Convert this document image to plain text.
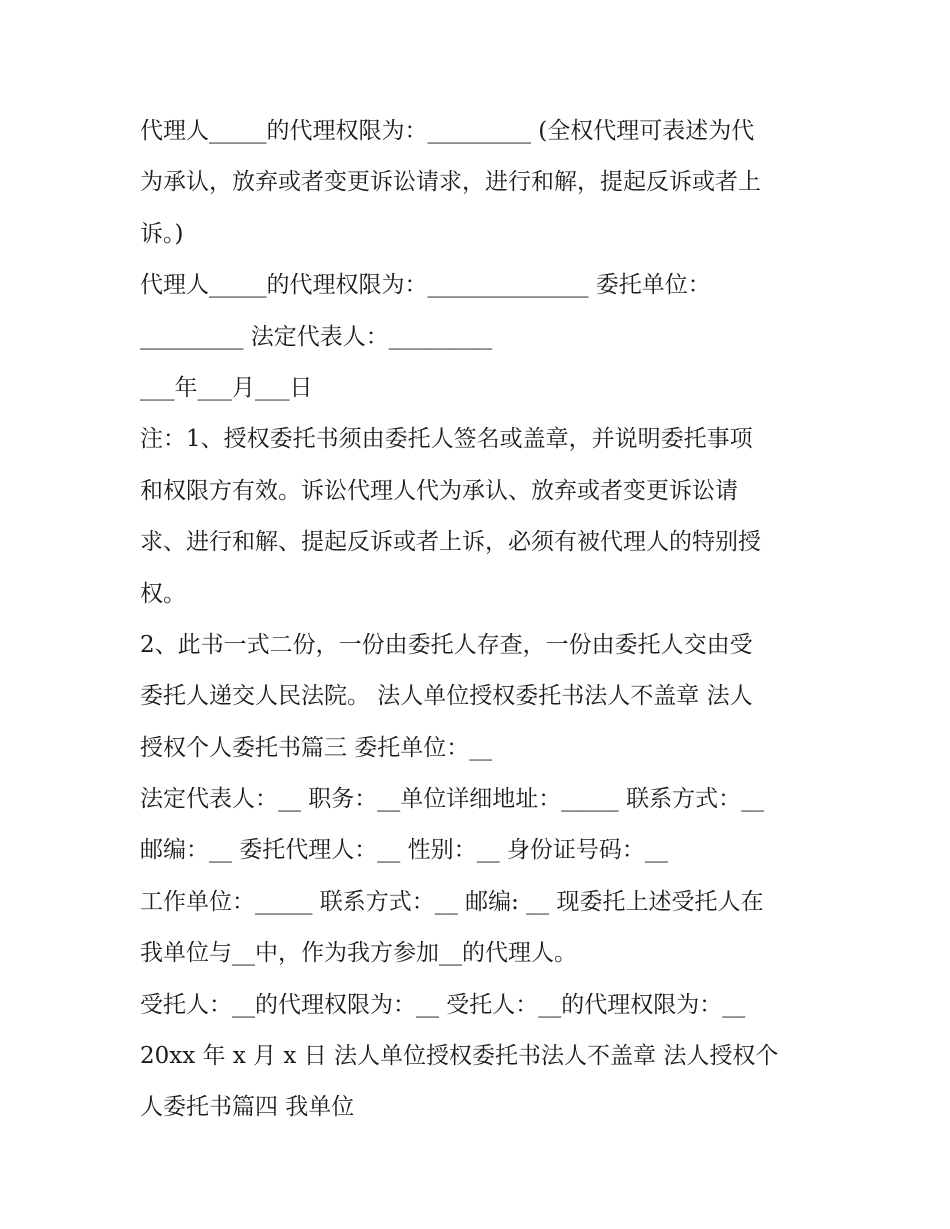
代理人_____的代理权限为：_________ (全权代理可表述为代
为承认，放弃或者变更诉讼请求，进行和解，提起反诉或者上
诉。)
代理人_____的代理权限为：______________ 委托单位：
_________ 法定代表人：_________
___年___月___日
注：1、授权委托书须由委托人签名或盖章，并说明委托事项
和权限方有效。诉讼代理人代为承认、放弃或者变更诉讼请
求、进行和解、提起反诉或者上诉，必须有被代理人的特别授
权。
2、此书一式二份，一份由委托人存查，一份由委托人交由受
委托人递交人民法院。 法人单位授权委托书法人不盖章 法人
授权个人委托书篇三 委托单位：__
法定代表人：__ 职务：__单位详细地址：_____ 联系方式：__
邮编：__ 委托代理人：__ 性别：__ 身份证号码：__
工作单位：_____ 联系方式：__ 邮编: __ 现委托上述受托人在
我单位与__中，作为我方参加__的代理人。
受托人：__的代理权限为：__ 受托人：__的代理权限为：__
20xx 年 x 月 x 日 法人单位授权委托书法人不盖章 法人授权个
人委托书篇四 我单位
